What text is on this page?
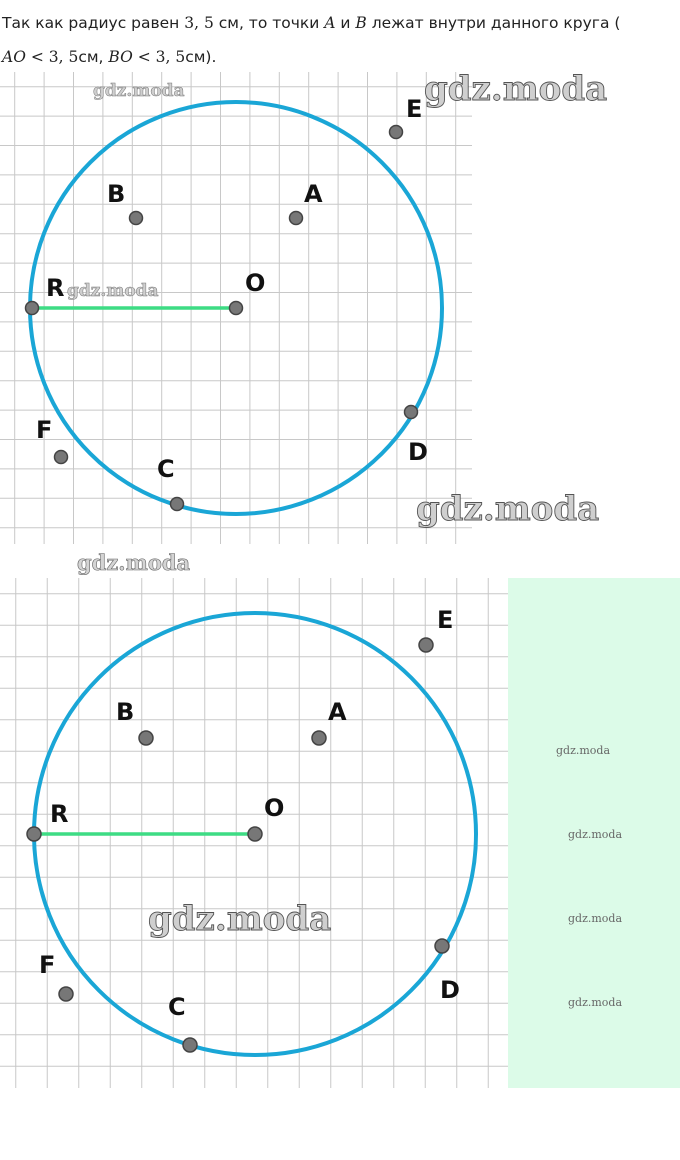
Так как радиус равен 3, 5 см, то точки A и B лежат внутри данного круга (
AO < 3, 5см, BO < 3, 5см).

O
R
A
B
C
D
E
F
gdz.moda	gdz.moda
gdz.moda
gdz.moda
O
R
A
B
C
D
E
F
gdz.moda
gdz.moda
gdz.moda
gdz.moda
gdz.moda
gdz.moda
